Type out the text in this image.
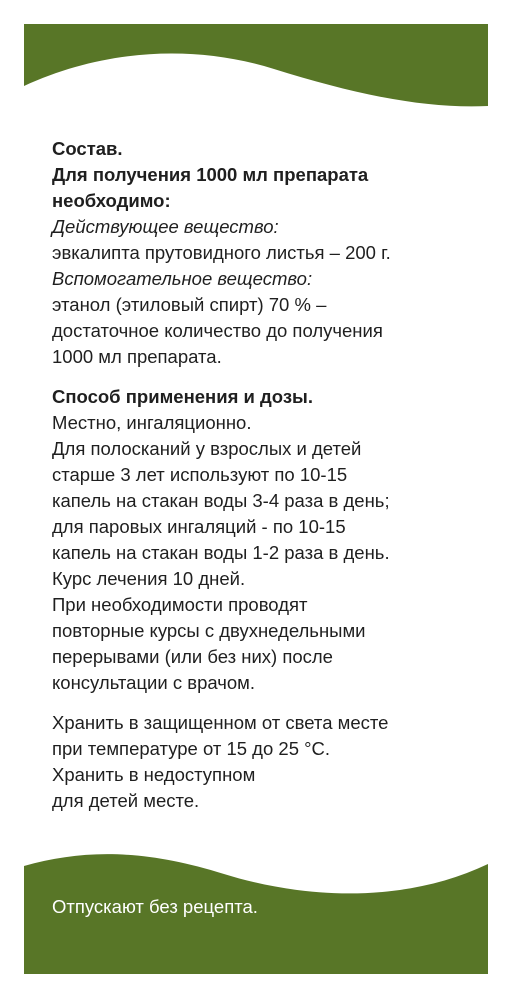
Состав.

Для получения 1000 мл препарата

необходимо:

Действующее вещество:

эвкалипта прутовидного листья – 200 г.

Вспомогательное вещество:

этанол (этиловый спирт) 70 % –

достаточное количество до получения

1000 мл препарата.

Способ применения и дозы.

Местно, ингаляционно.

Для полосканий у взрослых и детей

старше 3 лет используют по 10-15

капель на стакан воды 3-4 раза в день;

для паровых ингаляций - по 10-15

капель на стакан воды 1-2 раза в день.

Курс лечения 10 дней.

При необходимости проводят

повторные курсы с двухнедельными

перерывами (или без них) после

консультации с врачом.

Хранить в защищенном от света месте

при температуре от 15 до 25 °С.

Хранить в недоступном

для детей месте.

Отпускают без рецепта.
